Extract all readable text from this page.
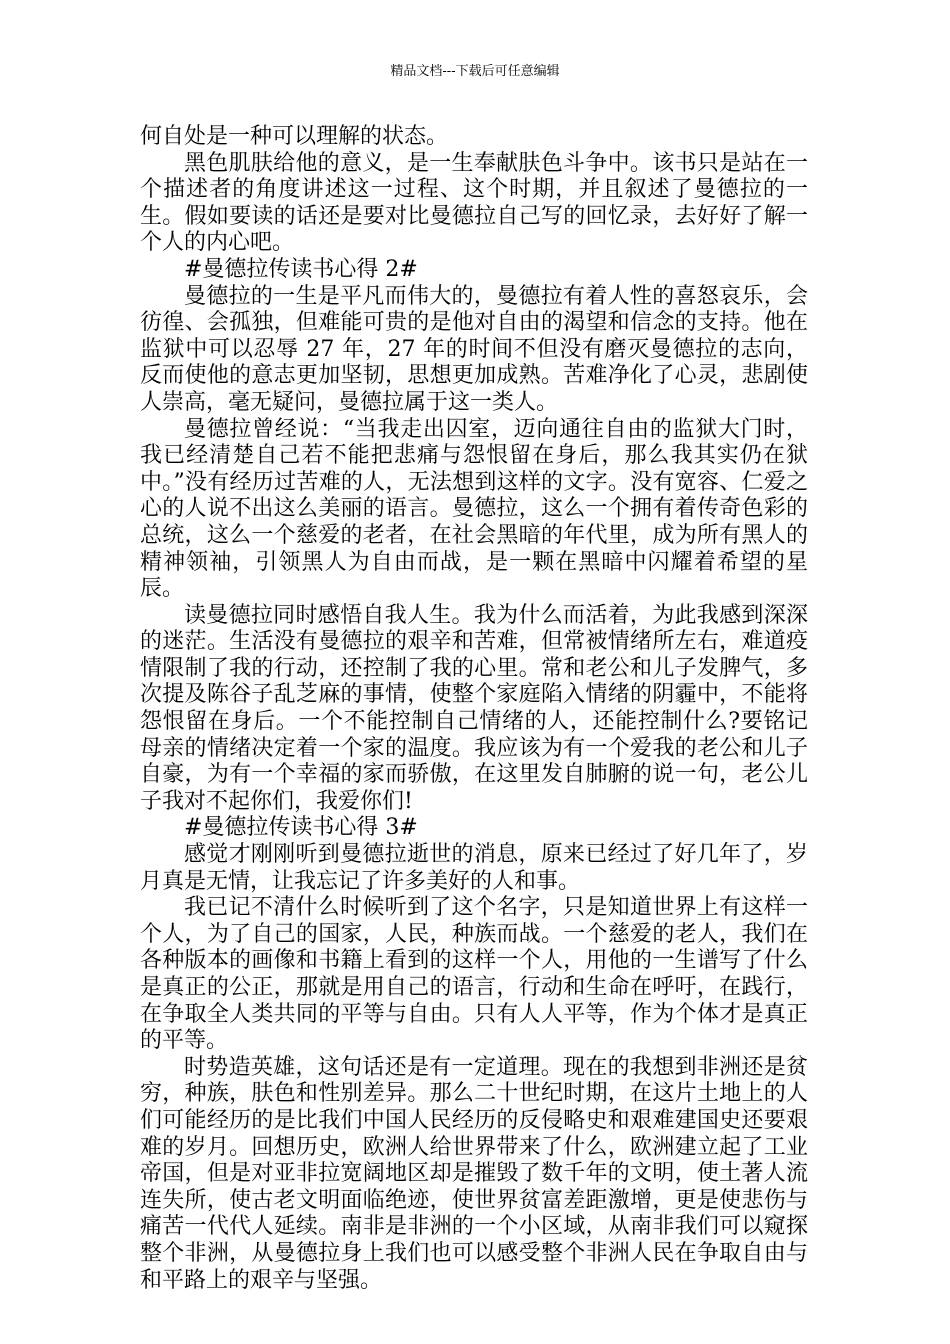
精品文档---下载后可任意编辑

何自处是一种可以理解的状态。

黑色肌肤给他的意义，是一生奉献肤色斗争中。该书只是站在一个描述者的角度讲述这一过程、这个时期，并且叙述了曼德拉的一生。假如要读的话还是要对比曼德拉自己写的回忆录，去好好了解一个人的内心吧。

#曼德拉传读书心得 2#

曼德拉的一生是平凡而伟大的，曼德拉有着人性的喜怒哀乐，会彷徨、会孤独，但难能可贵的是他对自由的渴望和信念的支持。他在监狱中可以忍辱 27 年，27 年的时间不但没有磨灭曼德拉的志向，反而使他的意志更加坚韧，思想更加成熟。苦难净化了心灵，悲剧使人崇高，毫无疑问，曼德拉属于这一类人。

曼德拉曾经说：“当我走出囚室，迈向通往自由的监狱大门时，我已经清楚自己若不能把悲痛与怨恨留在身后，那么我其实仍在狱中。”没有经历过苦难的人，无法想到这样的文字。没有宽容、仁爱之心的人说不出这么美丽的语言。曼德拉，这么一个拥有着传奇色彩的总统，这么一个慈爱的老者，在社会黑暗的年代里，成为所有黑人的精神领袖，引领黑人为自由而战，是一颗在黑暗中闪耀着希望的星辰。

读曼德拉同时感悟自我人生。我为什么而活着，为此我感到深深的迷茫。生活没有曼德拉的艰辛和苦难，但常被情绪所左右，难道疫情限制了我的行动，还控制了我的心里。常和老公和儿子发脾气，多次提及陈谷子乱芝麻的事情，使整个家庭陷入情绪的阴霾中，不能将怨恨留在身后。一个不能控制自己情绪的人，还能控制什么?要铭记母亲的情绪决定着一个家的温度。我应该为有一个爱我的老公和儿子自豪，为有一个幸福的家而骄傲，在这里发自肺腑的说一句，老公儿子我对不起你们，我爱你们!

#曼德拉传读书心得 3#

感觉才刚刚听到曼德拉逝世的消息，原来已经过了好几年了，岁月真是无情，让我忘记了许多美好的人和事。

我已记不清什么时候听到了这个名字，只是知道世界上有这样一个人，为了自己的国家，人民，种族而战。一个慈爱的老人，我们在各种版本的画像和书籍上看到的这样一个人，用他的一生谱写了什么是真正的公正，那就是用自己的语言，行动和生命在呼吁，在践行，在争取全人类共同的平等与自由。只有人人平等，作为个体才是真正的平等。

时势造英雄，这句话还是有一定道理。现在的我想到非洲还是贫穷，种族，肤色和性别差异。那么二十世纪时期，在这片土地上的人们可能经历的是比我们中国人民经历的反侵略史和艰难建国史还要艰难的岁月。回想历史，欧洲人给世界带来了什么，欧洲建立起了工业帝国，但是对亚非拉宽阔地区却是摧毁了数千年的文明，使土著人流连失所，使古老文明面临绝迹，使世界贫富差距激增，更是使悲伤与痛苦一代代人延续。南非是非洲的一个小区域，从南非我们可以窥探整个非洲，从曼德拉身上我们也可以感受整个非洲人民在争取自由与和平路上的艰辛与坚强。
